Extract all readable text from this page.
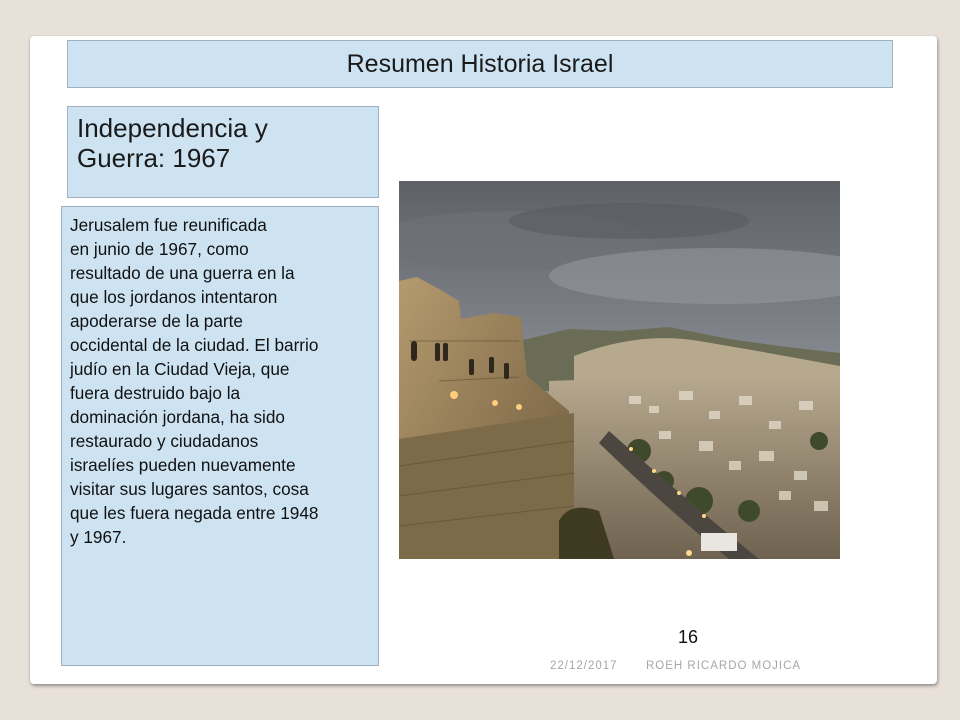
Resumen Historia Israel
Independencia y
Guerra: 1967
Jerusalem fue reunificada
en junio de 1967, como
resultado de una guerra en la
que los jordanos intentaron
apoderarse de la parte
occidental de la ciudad. El barrio
judío en la Ciudad Vieja, que
fuera destruido bajo la
dominación jordana, ha sido
restaurado y ciudadanos
israelíes pueden nuevamente
visitar sus lugares santos, cosa
que les fuera negada entre 1948
y 1967.
16
22/12/2017 ROEH RICARDO MOJICA
